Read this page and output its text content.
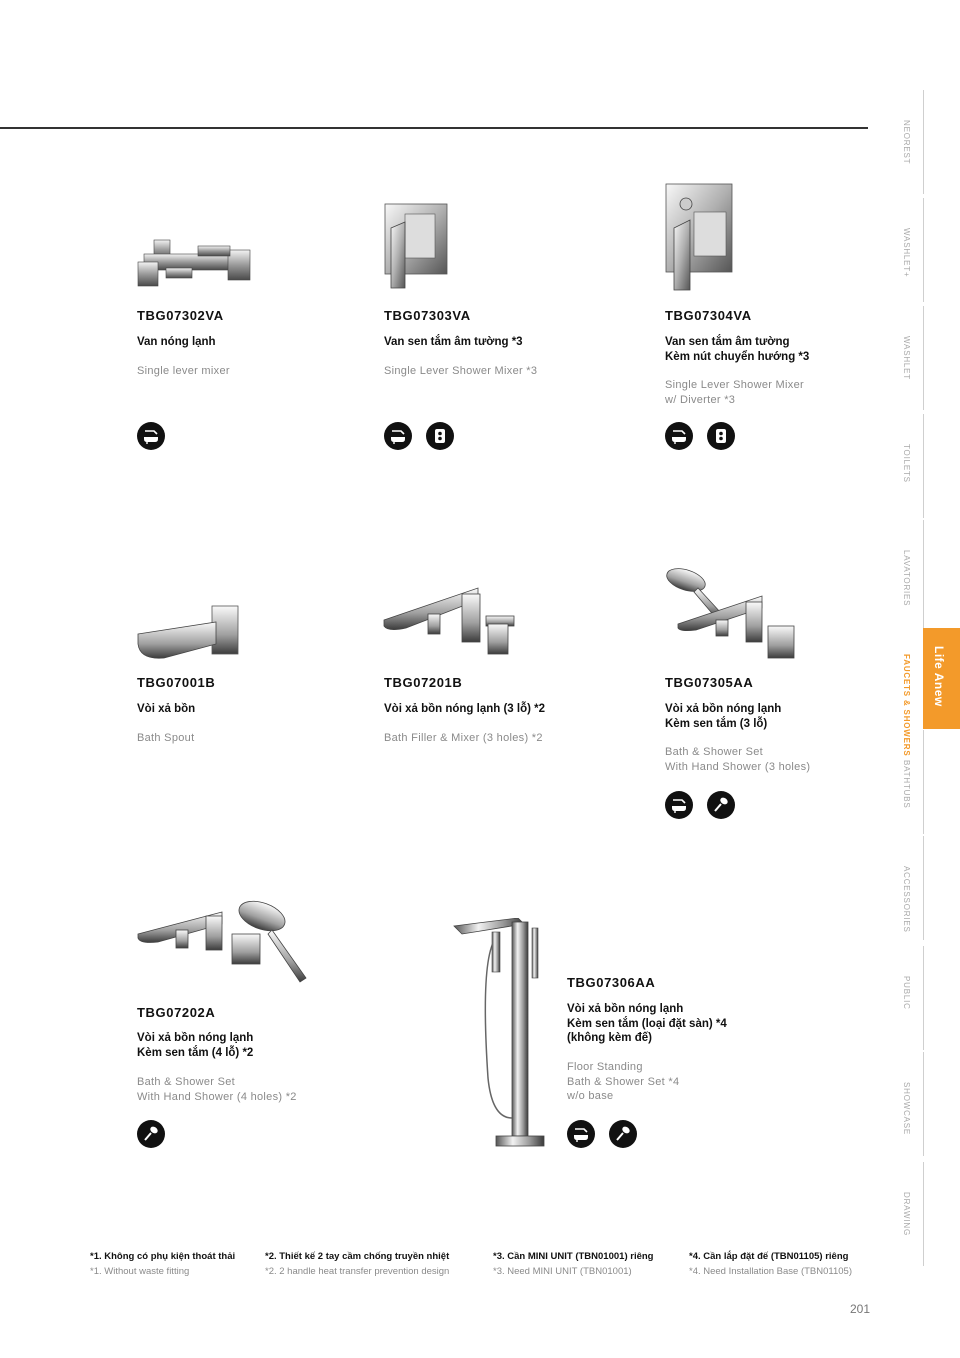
TBG07302VA
Van nóng lạnh
Single lever mixer
TBG07303VA
Van sen tắm âm tường *3
Single Lever Shower Mixer *3
TBG07304VA
Van sen tắm âm tường
Kèm nút chuyển hướng *3
Single Lever Shower Mixer
w/ Diverter *3
TBG07001B
Vòi xả bồn
Bath Spout
TBG07201B
Vòi xả bồn nóng lạnh (3 lỗ) *2
Bath Filler & Mixer (3 holes) *2
TBG07305AA
Vòi xả bồn nóng lạnh
Kèm sen tắm (3 lỗ)
Bath & Shower Set
With Hand Shower (3 holes)
TBG07202A
Vòi xả bồn nóng lạnh
Kèm sen tắm (4 lỗ) *2
Bath & Shower Set
With Hand Shower (4 holes) *2
TBG07306AA
Vòi xả bồn nóng lạnh
Kèm sen tắm (loại đặt sàn) *4
(không kèm đế)
Floor Standing
Bath & Shower Set *4
w/o base
NEOREST
WASHLET+
WASHLET
TOILETS
LAVATORIES
FAUCETS & SHOWERS
BATHTUBS
ACCESSORIES
PUBLIC
SHOWCASE
DRAWING
Life Anew
*1. Không có phụ kiện thoát thải
*1. Without waste fitting
*2. Thiết kế 2 tay cầm chống truyền nhiệt
*2. 2 handle heat transfer prevention design
*3. Cần MINI UNIT (TBN01001) riêng
*3. Need MINI UNIT (TBN01001)
*4. Cần lắp đặt đế (TBN01105) riêng
*4. Need Installation Base (TBN01105)
201
